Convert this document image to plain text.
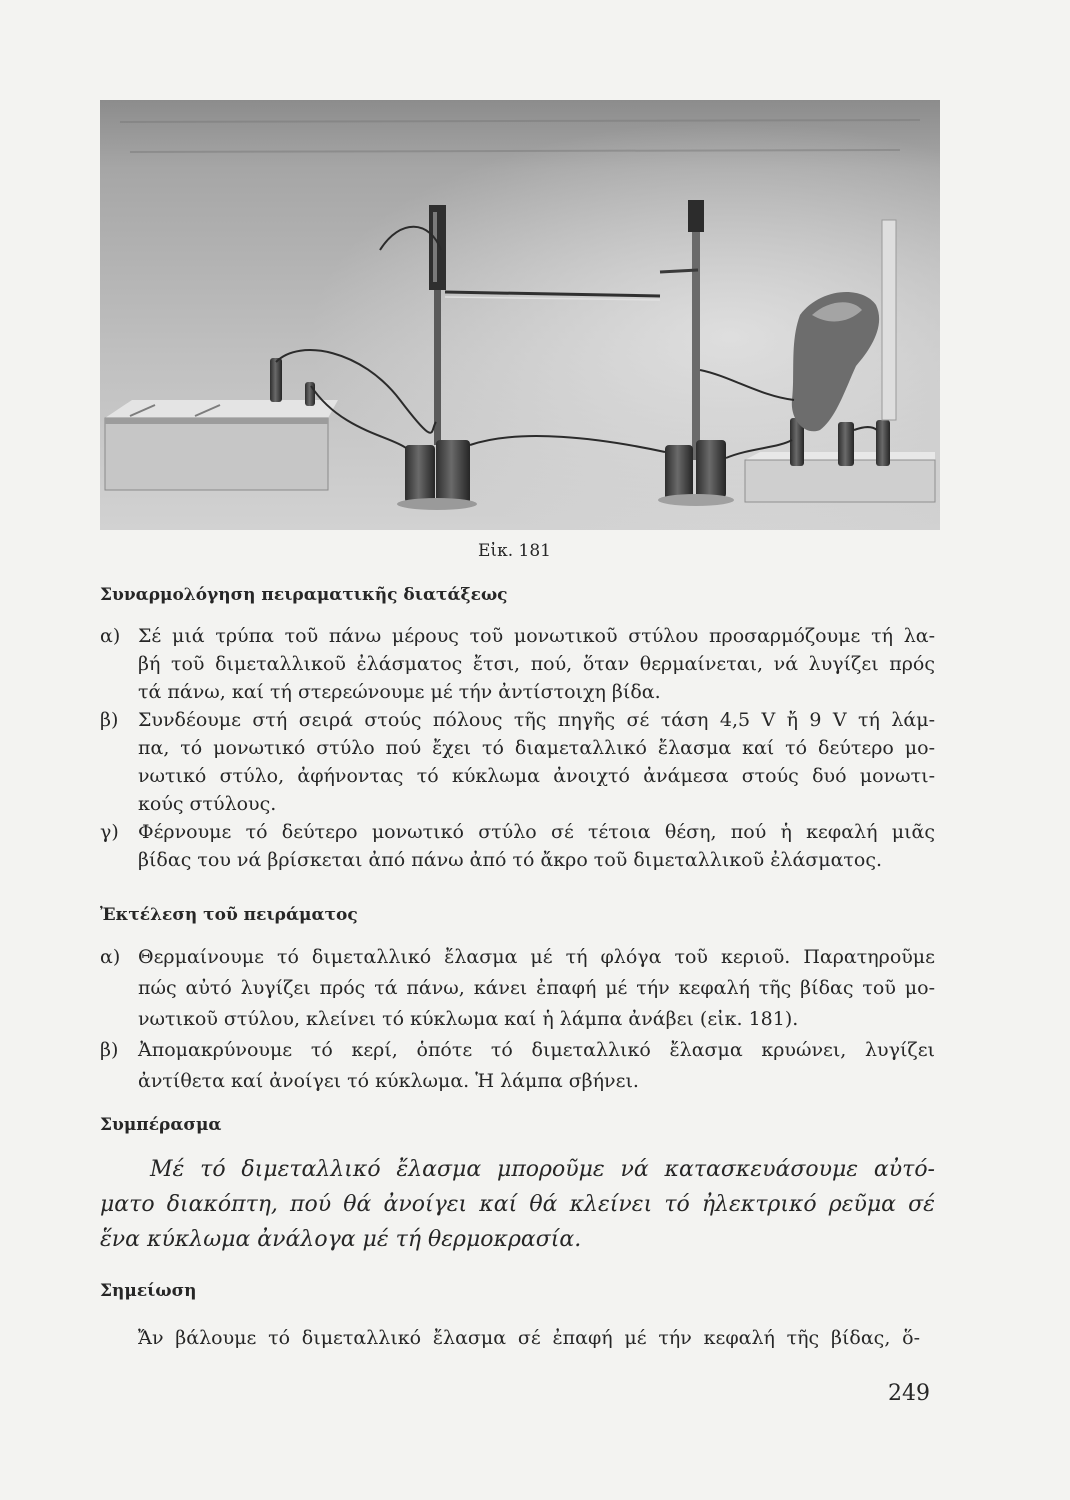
Εἰκ. 181
Συναρμολόγηση πειραματικῆς διατάξεως
α) Σέ μιά τρύπα τοῦ πάνω μέρους τοῦ μονωτικοῦ στύλου προσαρμόζουμε τή λα-
βή τοῦ διμεταλλικοῦ ἐλάσματος ἔτσι, πού, ὅταν θερμαίνεται, νά λυγίζει πρός
τά πάνω, καί τή στερεώνουμε μέ τήν ἀντίστοιχη βίδα.
β) Συνδέουμε στή σειρά στούς πόλους τῆς πηγῆς σέ τάση 4,5 V ἤ 9 V τή λάμ-
πα, τό μονωτικό στύλο πού ἔχει τό διαμεταλλικό ἔλασμα καί τό δεύτερο μο-
νωτικό στύλο, ἀφήνοντας τό κύκλωμα ἀνοιχτό ἀνάμεσα στούς δυό μονωτι-
κούς στύλους.
γ) Φέρνουμε τό δεύτερο μονωτικό στύλο σέ τέτοια θέση, πού ἡ κεφαλή μιᾶς
βίδας του νά βρίσκεται ἀπό πάνω ἀπό τό ἄκρο τοῦ διμεταλλικοῦ ἐλάσματος.
Ἐκτέλεση τοῦ πειράματος
α) Θερμαίνουμε τό διμεταλλικό ἔλασμα μέ τή φλόγα τοῦ κεριοῦ. Παρατηροῦμε
πώς αὐτό λυγίζει πρός τά πάνω, κάνει ἐπαφή μέ τήν κεφαλή τῆς βίδας τοῦ μο-
νωτικοῦ στύλου, κλείνει τό κύκλωμα καί ἡ λάμπα ἀνάβει (εἰκ. 181).
β) Ἀπομακρύνουμε τό κερί, ὁπότε τό διμεταλλικό ἔλασμα κρυώνει, λυγίζει
ἀντίθετα καί ἀνοίγει τό κύκλωμα. Ἡ λάμπα σβήνει.
Συμπέρασμα
Μέ τό διμεταλλικό ἔλασμα μποροῦμε νά κατασκευάσουμε αὐτό-
ματο διακόπτη, πού θά ἀνοίγει καί θά κλείνει τό ἠλεκτρικό ρεῦμα σέ
ἕνα κύκλωμα ἀνάλογα μέ τή θερμοκρασία.
Σημείωση
Ἄν βάλουμε τό διμεταλλικό ἔλασμα σέ ἐπαφή μέ τήν κεφαλή τῆς βίδας, ὅ-
249
